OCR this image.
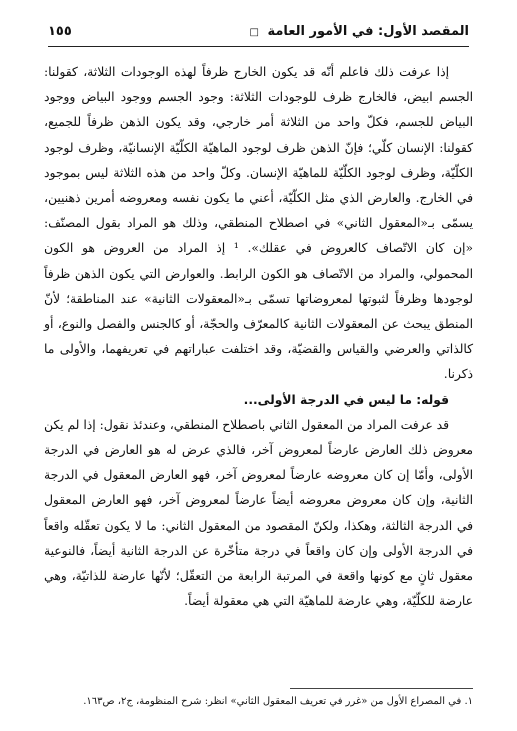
المقصد الأول: في الأمور العامة □
١٥٥

إذا عرفت ذلك فاعلم أنّه قد يكون الخارج ظرفاً لهذه الوجودات الثلاثة، كقولنا: الجسم ابيض، فالخارج ظرف للوجودات الثلاثة: وجود الجسم ووجود البياض ووجود البياض للجسم، فكلّ واحد من الثلاثة أمر خارجي، وقد يكون الذهن ظرفاً للجميع، كقولنا: الإنسان كلّي؛ فإنّ الذهن ظرف لوجود الماهيّة الكلّيّة الإنسانيّة، وظرف لوجود الكلّيّة، وظرف لوجود الكلّيّة للماهيّة الإنسان. وكلّ واحد من هذه الثلاثة ليس بموجود في الخارج. والعارض الذي مثل الكلّيّة، أعني ما يكون نفسه ومعروضه أمرين ذهنيين، يسمّى بـ«المعقول الثاني» في اصطلاح المنطقي، وذلك هو المراد بقول المصنّف: «إن كان الاتّصاف كالعروض في عقلك». ¹ إذ المراد من العروض هو الكون المحمولي، والمراد من الاتّصاف هو الكون الرابط. والعوارض التي يكون الذهن ظرفاً لوجودها وظرفاً لثبوتها لمعروضاتها تسمّى بـ«المعقولات الثانية» عند المناطقة؛ لأنّ المنطق يبحث عن المعقولات الثانية كالمعرّف والحجّة، أو كالجنس والفصل والنوع، أو كالذاتي والعرضي والقياس والقضيّة، وقد اختلفت عباراتهم في تعريفهما، والأولى ما ذكرنا.

قوله: ما ليس في الدرجة الأولى...

قد عرفت المراد من المعقول الثاني باصطلاح المنطقي، وعندئذ نقول: إذا لم يكن معروض ذلك العارض عارضاً لمعروض آخر، فالذي عرض له هو العارض في الدرجة الأولى، وأمّا إن كان معروضه عارضاً لمعروض آخر، فهو العارض المعقول في الدرجة الثانية، وإن كان معروض معروضه أيضاً عارضاً لمعروض آخر، فهو العارض المعقول في الدرجة الثالثة، وهكذا، ولكنّ المقصود من المعقول الثاني: ما لا يكون تعقّله واقعاً في الدرجة الأولى وإن كان واقعاً في درجة متأخّرة عن الدرجة الثانية أيضاً، فالنوعية معقول ثانٍ مع كونها واقعة في المرتبة الرابعة من التعقّل؛ لأنّها عارضة للذاتيّة، وهي عارضة للكلّيّة، وهي عارضة للماهيّة التي هي معقولة أيضاً.

١. في المصراع الأول من «غرر في تعريف المعقول الثاني» انظر: شرح المنظومة، ج٢، ص١٦٣.
